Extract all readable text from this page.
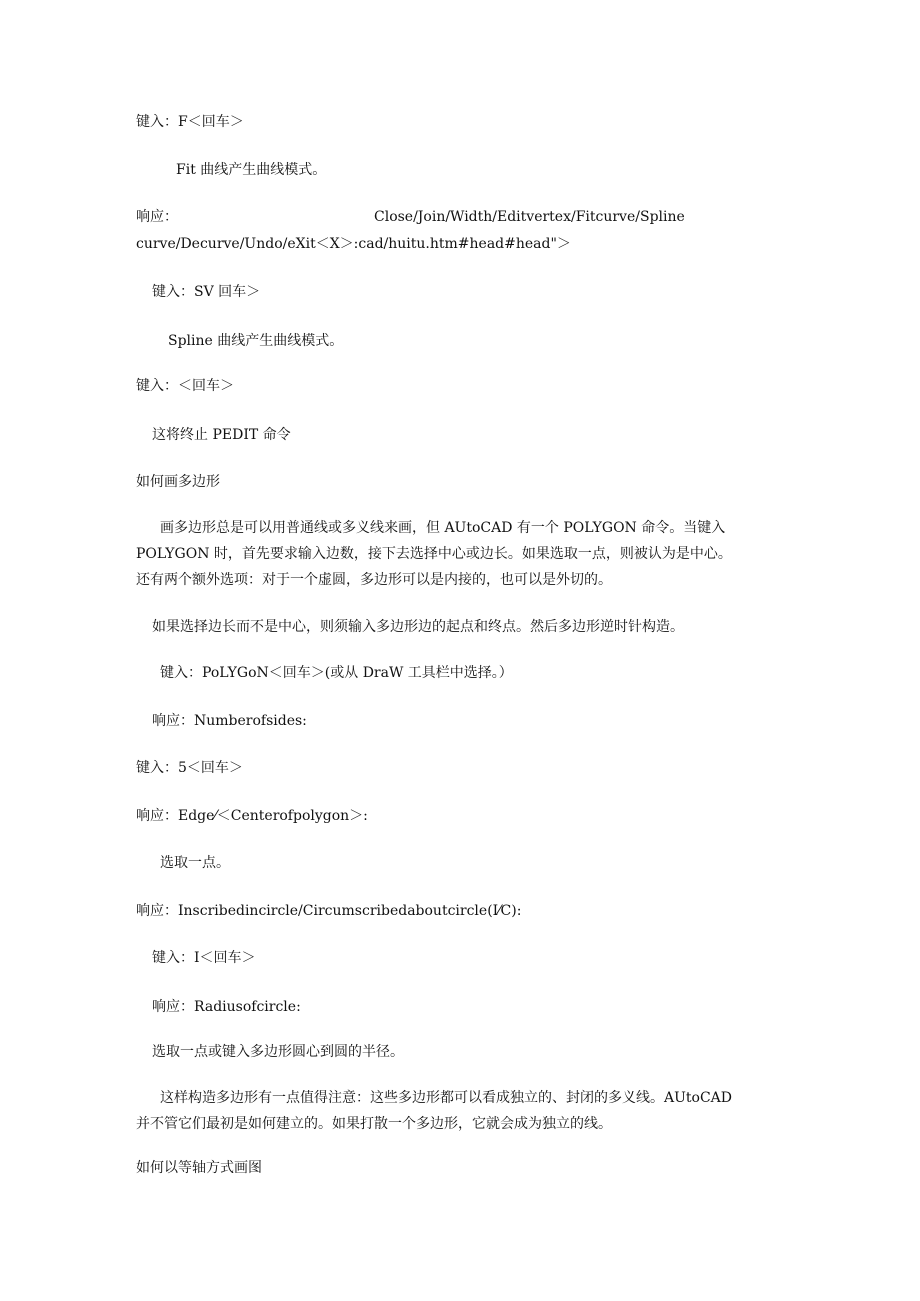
键入：F＜回车＞
Fit 曲线产生曲线模式。
响应：	Close/Join/Width/Editvertex/Fitcurve/Spline
curve/Decurve/Undo/eXit＜X＞:cad/huitu.htm#head#head"＞
键入：SV 回车＞
Spline 曲线产生曲线模式。
键入：＜回车＞
这将终止 PEDIT 命令
如何画多边形
画多边形总是可以用普通线或多义线来画，但 AUtoCAD 有一个 POLYGON 命令。当键入
POLYGON 时，首先要求输入边数，接下去选择中心或边长。如果选取一点，则被认为是中心。
还有两个额外选项：对于一个虚圆，多边形可以是内接的，也可以是外切的。
如果选择边长而不是中心，则须输入多边形边的起点和终点。然后多边形逆时针构造。
键入：PoLYGoN＜回车＞(或从 DraW 工具栏中选择。）
响应：Numberofsides:
键入：5＜回车＞
响应：Edge⁄＜Centerofpolygon＞:
选取一点。
响应：Inscribedincircle/Circumscribedaboutcircle(I⁄C):
键入：I＜回车＞
响应：Radiusofcircle:
选取一点或键入多边形圆心到圆的半径。
这样构造多边形有一点值得注意：这些多边形都可以看成独立的、封闭的多义线。AUtoCAD
并不管它们最初是如何建立的。如果打散一个多边形，它就会成为独立的线。
如何以等轴方式画图
